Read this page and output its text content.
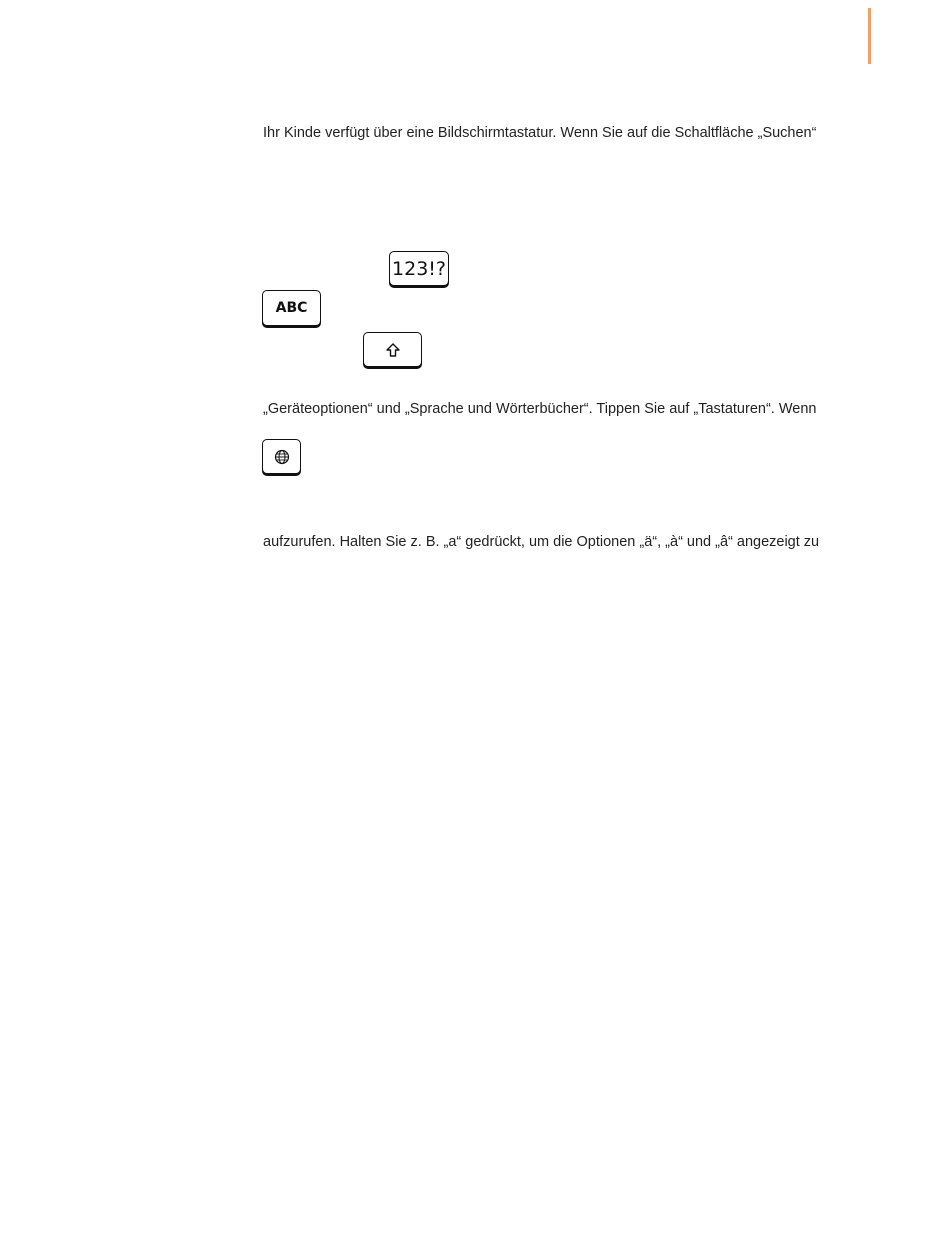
Ihr Kinde verfügt über eine Bildschirmtastatur. Wenn Sie auf die Schaltfläche „Suchen“

123!?
ABC

„Geräteoptionen“ und „Sprache und Wörterbücher“. Tippen Sie auf „Tastaturen“. Wenn

aufzurufen. Halten Sie z. B. „a“ gedrückt, um die Optionen „ä“, „à“ und „â“ angezeigt zu
